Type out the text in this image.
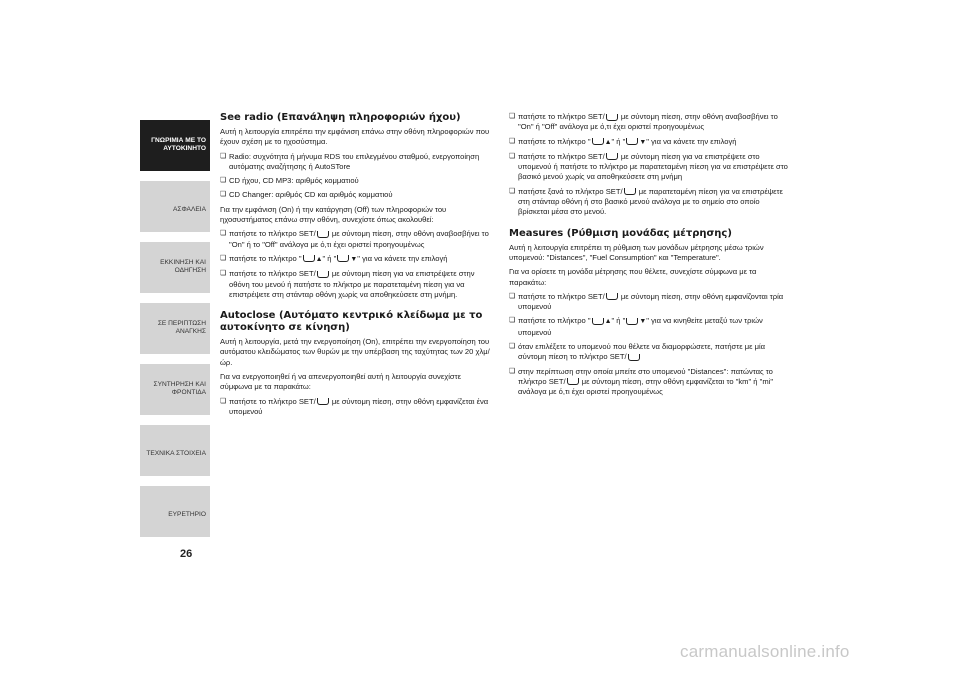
ΓΝΩΡΙΜΙΑ ΜΕ ΤΟ ΑΥΤΟΚΙΝΗΤΟ
ΑΣΦΑΛΕΙΑ
ΕΚΚΙΝΗΣΗ ΚΑΙ ΟΔΗΓΗΣΗ
ΣΕ ΠΕΡΙΠΤΩΣΗ ΑΝΑΓΚΗΣ
ΣΥΝΤΗΡΗΣΗ ΚΑΙ ΦΡΟΝΤΙΔΑ
ΤΕΧΝΙΚΑ ΣΤΟΙΧΕΙΑ
ΕΥΡΕΤΗΡΙΟ
26
See radio (Επανάληψη πληροφοριών ήχου)

Αυτή η λειτουργία επιτρέπει την εμφάνιση επάνω στην οθόνη πληροφοριών που έχουν σχέση με το ηχοσύστημα.

❏ Radio: συχνότητα ή μήνυμα RDS του επιλεγμένου σταθμού, ενεργοποίηση αυτόματης αναζήτησης ή AutoSTore
❏ CD ήχου, CD MP3: αριθμός κομματιού
❏ CD Changer: αριθμός CD και αριθμός κομματιού

Για την εμφάνιση (On) ή την κατάργηση (Off) των πληροφοριών του ηχοσυστήματος επάνω στην οθόνη, συνεχίστε όπως ακολουθεί:

❏ πατήστε το πλήκτρο SET/ με σύντομη πίεση, στην οθόνη αναβοσβήνει το "On" ή το "Off" ανάλογα με ό,τι έχει οριστεί προηγουμένως
❏ πατήστε το πλήκτρο " ▲" ή " ▼" για να κάνετε την επιλογή
❏ πατήστε το πλήκτρο SET/ με σύντομη πίεση για να επιστρέψετε στην οθόνη του μενού ή πατήστε το πλήκτρο με παρατεταμένη πίεση για να επιστρέψετε στη στάνταρ οθόνη χωρίς να αποθηκεύσετε στη μνήμη.
Autoclose (Αυτόματο κεντρικό κλείδωμα με το αυτοκίνητο σε κίνηση)

Αυτή η λειτουργία, μετά την ενεργοποίηση (On), επιτρέπει την ενεργοποίηση του αυτόματου κλειδώματος των θυρών με την υπέρβαση της ταχύτητας των 20 χλμ/ώρ.

Για να ενεργοποιηθεί ή να απενεργοποιηθεί αυτή η λειτουργία συνεχίστε σύμφωνα με τα παρακάτω:

❏ πατήστε το πλήκτρο SET/ με σύντομη πίεση, στην οθόνη εμφανίζεται ένα υπομενού
❏ πατήστε το πλήκτρο SET/ με σύντομη πίεση, στην οθόνη αναβοσβήνει το "On" ή "Off" ανάλογα με ό,τι έχει οριστεί προηγουμένως
❏ πατήστε το πλήκτρο " ▲" ή " ▼" για να κάνετε την επιλογή
❏ πατήστε το πλήκτρο SET/ με σύντομη πίεση για να επιστρέψετε στο υπομενού ή πατήστε το πλήκτρο με παρατεταμένη πίεση για να επιστρέψετε στο βασικό μενού χωρίς να αποθηκεύσετε στη μνήμη
❏ πατήστε ξανά το πλήκτρο SET/ με παρατεταμένη πίεση για να επιστρέψετε στη στάνταρ οθόνη ή στο βασικό μενού ανάλογα με το σημείο στο οποίο βρίσκεται μέσα στο μενού.
Measures (Ρύθμιση μονάδας μέτρησης)

Αυτή η λειτουργία επιτρέπει τη ρύθμιση των μονάδων μέτρησης μέσω τριών υπομενού: "Distances", "Fuel Consumption" και "Temperature".

Για να ορίσετε τη μονάδα μέτρησης που θέλετε, συνεχίστε σύμφωνα με τα παρακάτω:

❏ πατήστε το πλήκτρο SET/ με σύντομη πίεση, στην οθόνη εμφανίζονται τρία υπομενού
❏ πατήστε το πλήκτρο " ▲" ή " ▼" για να κινηθείτε μεταξύ των τριών υπομενού
❏ όταν επιλέξετε το υπομενού που θέλετε να διαμορφώσετε, πατήστε με μία σύντομη πίεση το πλήκτρο SET/
❏ στην περίπτωση στην οποία μπείτε στο υπομενού "Distances": πατώντας το πλήκτρο SET/ με σύντομη πίεση, στην οθόνη εμφανίζεται το "km" ή "mi" ανάλογα με ό,τι έχει οριστεί προηγουμένως
carmanualsonline.info
